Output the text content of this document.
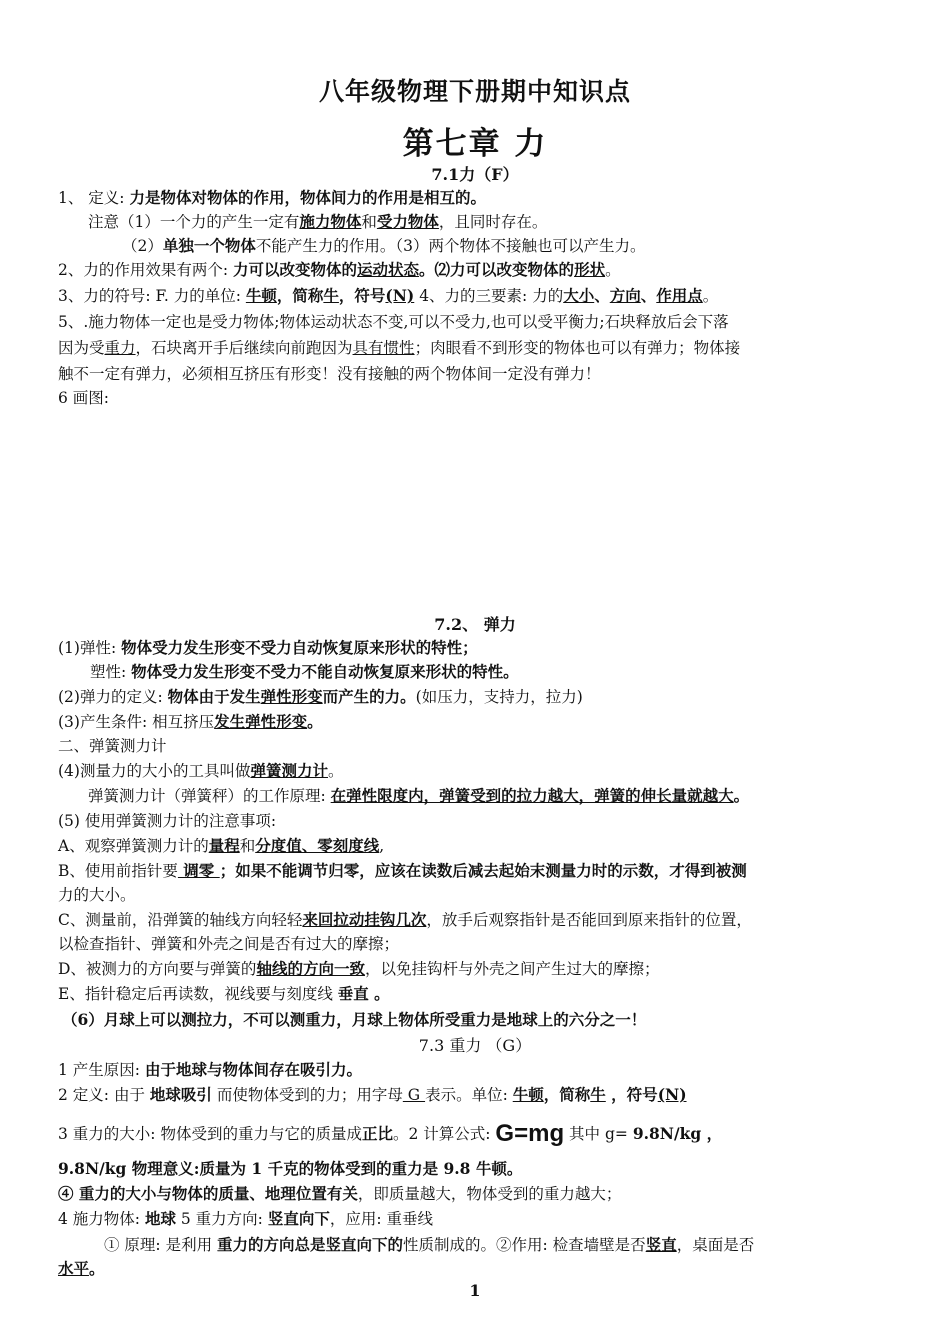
八年级物理下册期中知识点
第七章 力
7.1力（F）
1、 定义: 力是物体对物体的作用，物体间力的作用是相互的。
注意（1）一个力的产生一定有施力物体和受力物体，且同时存在。
（2）单独一个物体不能产生力的作用。（3）两个物体不接触也可以产生力。
2、力的作用效果有两个: 力可以改变物体的运动状态。⑵力可以改变物体的形状。
3、力的符号: F. 力的单位: 牛顿，简称牛，符号(N) 4、力的三要素: 力的大小、方向、作用点。
5、.施力物体一定也是受力物体;物体运动状态不变,可以不受力,也可以受平衡力;石块释放后会下落
因为受重力，石块离开手后继续向前跑因为具有惯性；肉眼看不到形变的物体也可以有弹力；物体接
触不一定有弹力，必须相互挤压有形变！没有接触的两个物体间一定没有弹力！
6 画图:
7.2、 弹力
(1)弹性: 物体受力发生形变不受力自动恢复原来形状的特性；
塑性: 物体受力发生形变不受力不能自动恢复原来形状的特性。
(2)弹力的定义: 物体由于发生弹性形变而产生的力。(如压力，支持力，拉力)
(3)产生条件: 相互挤压发生弹性形变。
二、弹簧测力计
(4)测量力的大小的工具叫做弹簧测力计。
弹簧测力计（弹簧秤）的工作原理: 在弹性限度内，弹簧受到的拉力越大，弹簧的伸长量就越大。
(5) 使用弹簧测力计的注意事项:
A、观察弹簧测力计的量程和分度值、零刻度线,
B、使用前指针要 调零 ；如果不能调节归零，应该在读数后减去起始末测量力时的示数，才得到被测
力的大小。
C、测量前，沿弹簧的轴线方向轻轻来回拉动挂钩几次，放手后观察指针是否能回到原来指针的位置，
以检查指针、弹簧和外壳之间是否有过大的摩擦；
D、被测力的方向要与弹簧的轴线的方向一致，以免挂钩杆与外壳之间产生过大的摩擦；
E、指针稳定后再读数，视线要与刻度线 垂直 。
（6）月球上可以测拉力，不可以测重力，月球上物体所受重力是地球上的六分之一！
7.3 重力 （G）
1 产生原因: 由于地球与物体间存在吸引力。
2 定义: 由于 地球吸引 而使物体受到的力；用字母 G 表示。单位: 牛顿，简称牛 ，符号(N)
3 重力的大小: 物体受到的重力与它的质量成正比。2 计算公式: G=mg 其中 g= 9.8N/kg ，
9.8N/kg 物理意义:质量为 1 千克的物体受到的重力是 9.8 牛顿。
④ 重力的大小与物体的质量、地理位置有关，即质量越大，物体受到的重力越大；
4 施力物体: 地球 5 重力方向: 竖直向下，应用: 重垂线
① 原理: 是利用 重力的方向总是竖直向下的性质制成的。②作用: 检查墙壁是否竖直，桌面是否
水平。
1
